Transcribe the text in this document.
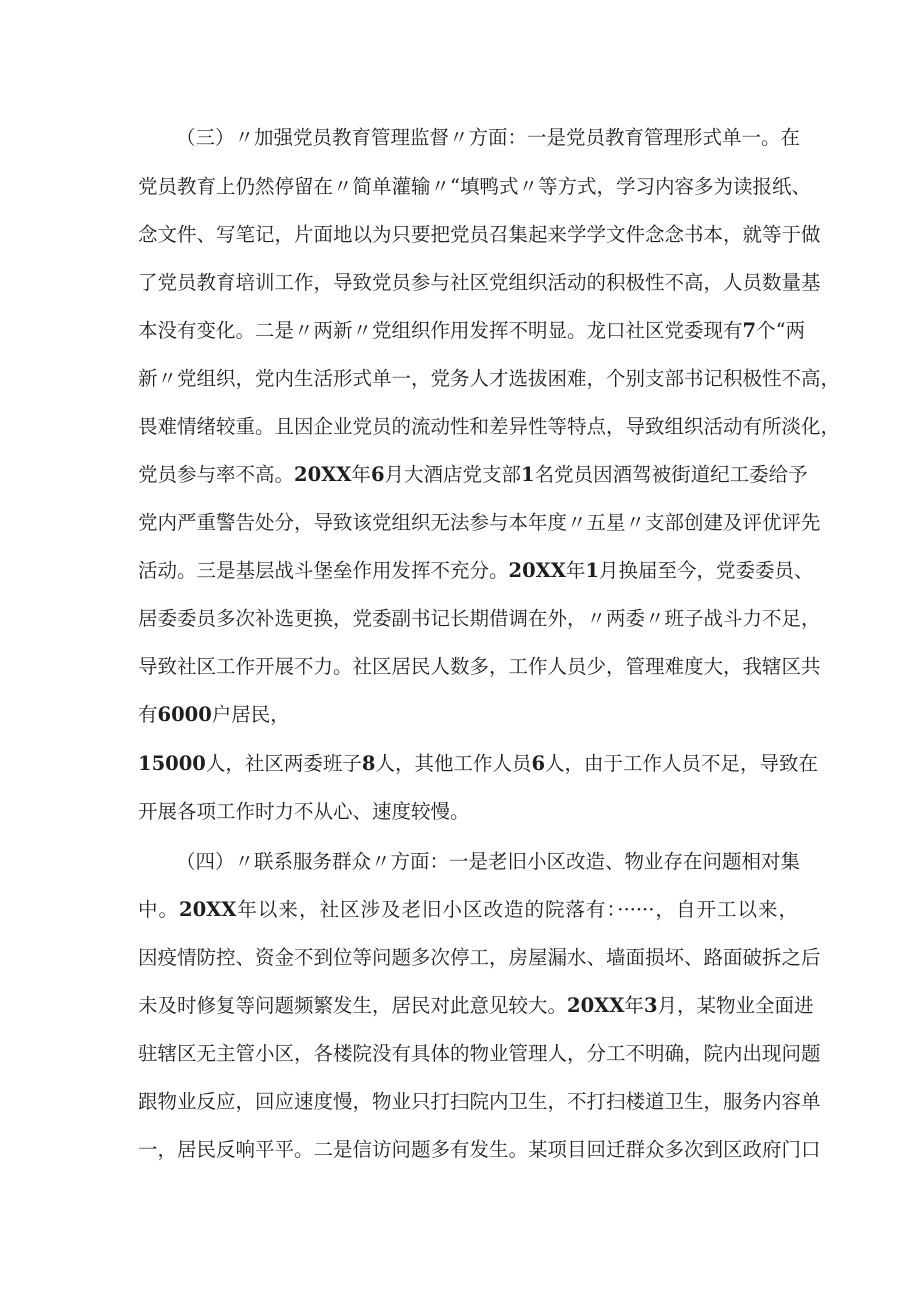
（三）〃加强党员教育管理监督〃方面：一是党员教育管理形式单一。在
党员教育上仍然停留在〃简单灌输〃“填鸭式〃等方式，学习内容多为读报纸、
念文件、写笔记，片面地以为只要把党员召集起来学学文件念念书本，就等于做
了党员教育培训工作，导致党员参与社区党组织活动的积极性不高，人员数量基
本没有变化。二是〃两新〃党组织作用发挥不明显。龙口社区党委现有7个“两
新〃党组织，党内生活形式单一，党务人才选拔困难，个别支部书记积极性不高，
畏难情绪较重。且因企业党员的流动性和差异性等特点，导致组织活动有所淡化，
党员参与率不高。20XX年6月大酒店党支部1名党员因酒驾被街道纪工委给予
党内严重警告处分，导致该党组织无法参与本年度〃五星〃支部创建及评优评先
活动。三是基层战斗堡垒作用发挥不充分。20XX年1月换届至今，党委委员、
居委委员多次补选更换，党委副书记长期借调在外，〃两委〃班子战斗力不足，
导致社区工作开展不力。社区居民人数多，工作人员少，管理难度大，我辖区共
有6000户居民，
15000人，社区两委班子8人，其他工作人员6人，由于工作人员不足，导致在
开展各项工作时力不从心、速度较慢。
（四）〃联系服务群众〃方面：一是老旧小区改造、物业存在问题相对集
中。20XX年以来，社区涉及老旧小区改造的院落有：······，自开工以来，
因疫情防控、资金不到位等问题多次停工，房屋漏水、墙面损坏、路面破拆之后
未及时修复等问题频繁发生，居民对此意见较大。20XX年3月，某物业全面进
驻辖区无主管小区，各楼院没有具体的物业管理人，分工不明确，院内出现问题
跟物业反应，回应速度慢，物业只打扫院内卫生，不打扫楼道卫生，服务内容单
一，居民反响平平。二是信访问题多有发生。某项目回迁群众多次到区政府门口
